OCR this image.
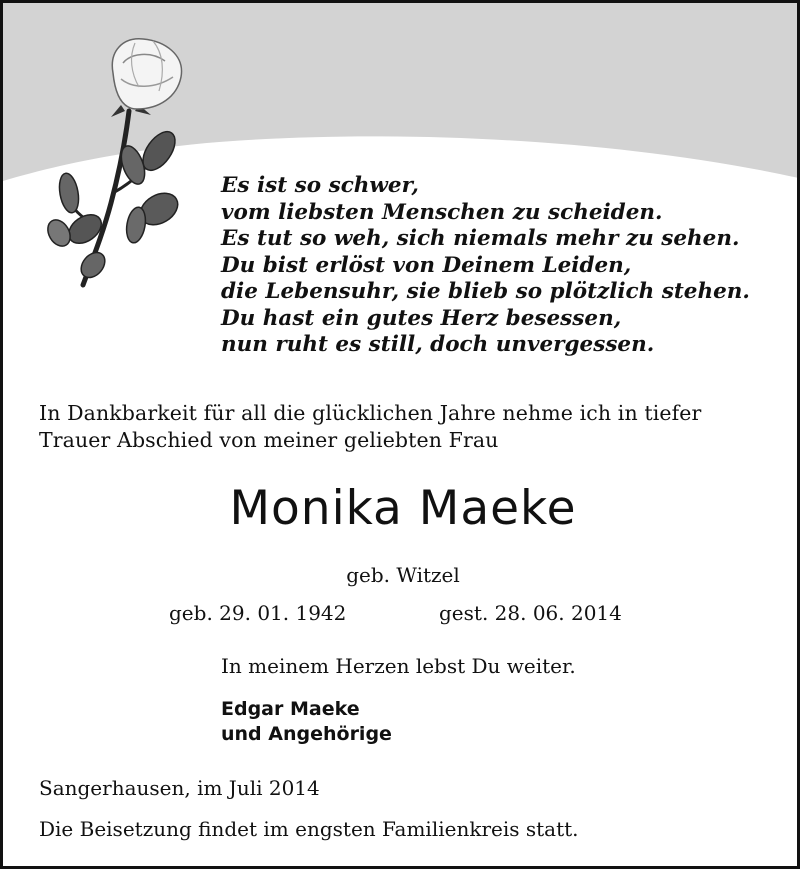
Es ist so schwer,
vom liebsten Menschen zu scheiden.
Es tut so weh, sich niemals mehr zu sehen.
Du bist erlöst von Deinem Leiden,
die Lebensuhr, sie blieb so plötzlich stehen.
Du hast ein gutes Herz besessen,
nun ruht es still, doch unvergessen.
In Dankbarkeit für all die glücklichen Jahre nehme ich in tiefer
Trauer Abschied von meiner geliebten Frau
Monika Maeke
geb. Witzel
geb. 29. 01. 1942	gest. 28. 06. 2014
In meinem Herzen lebst Du weiter.
Edgar Maeke
und Angehörige
Sangerhausen, im Juli 2014
Die Beisetzung findet im engsten Familienkreis statt.
